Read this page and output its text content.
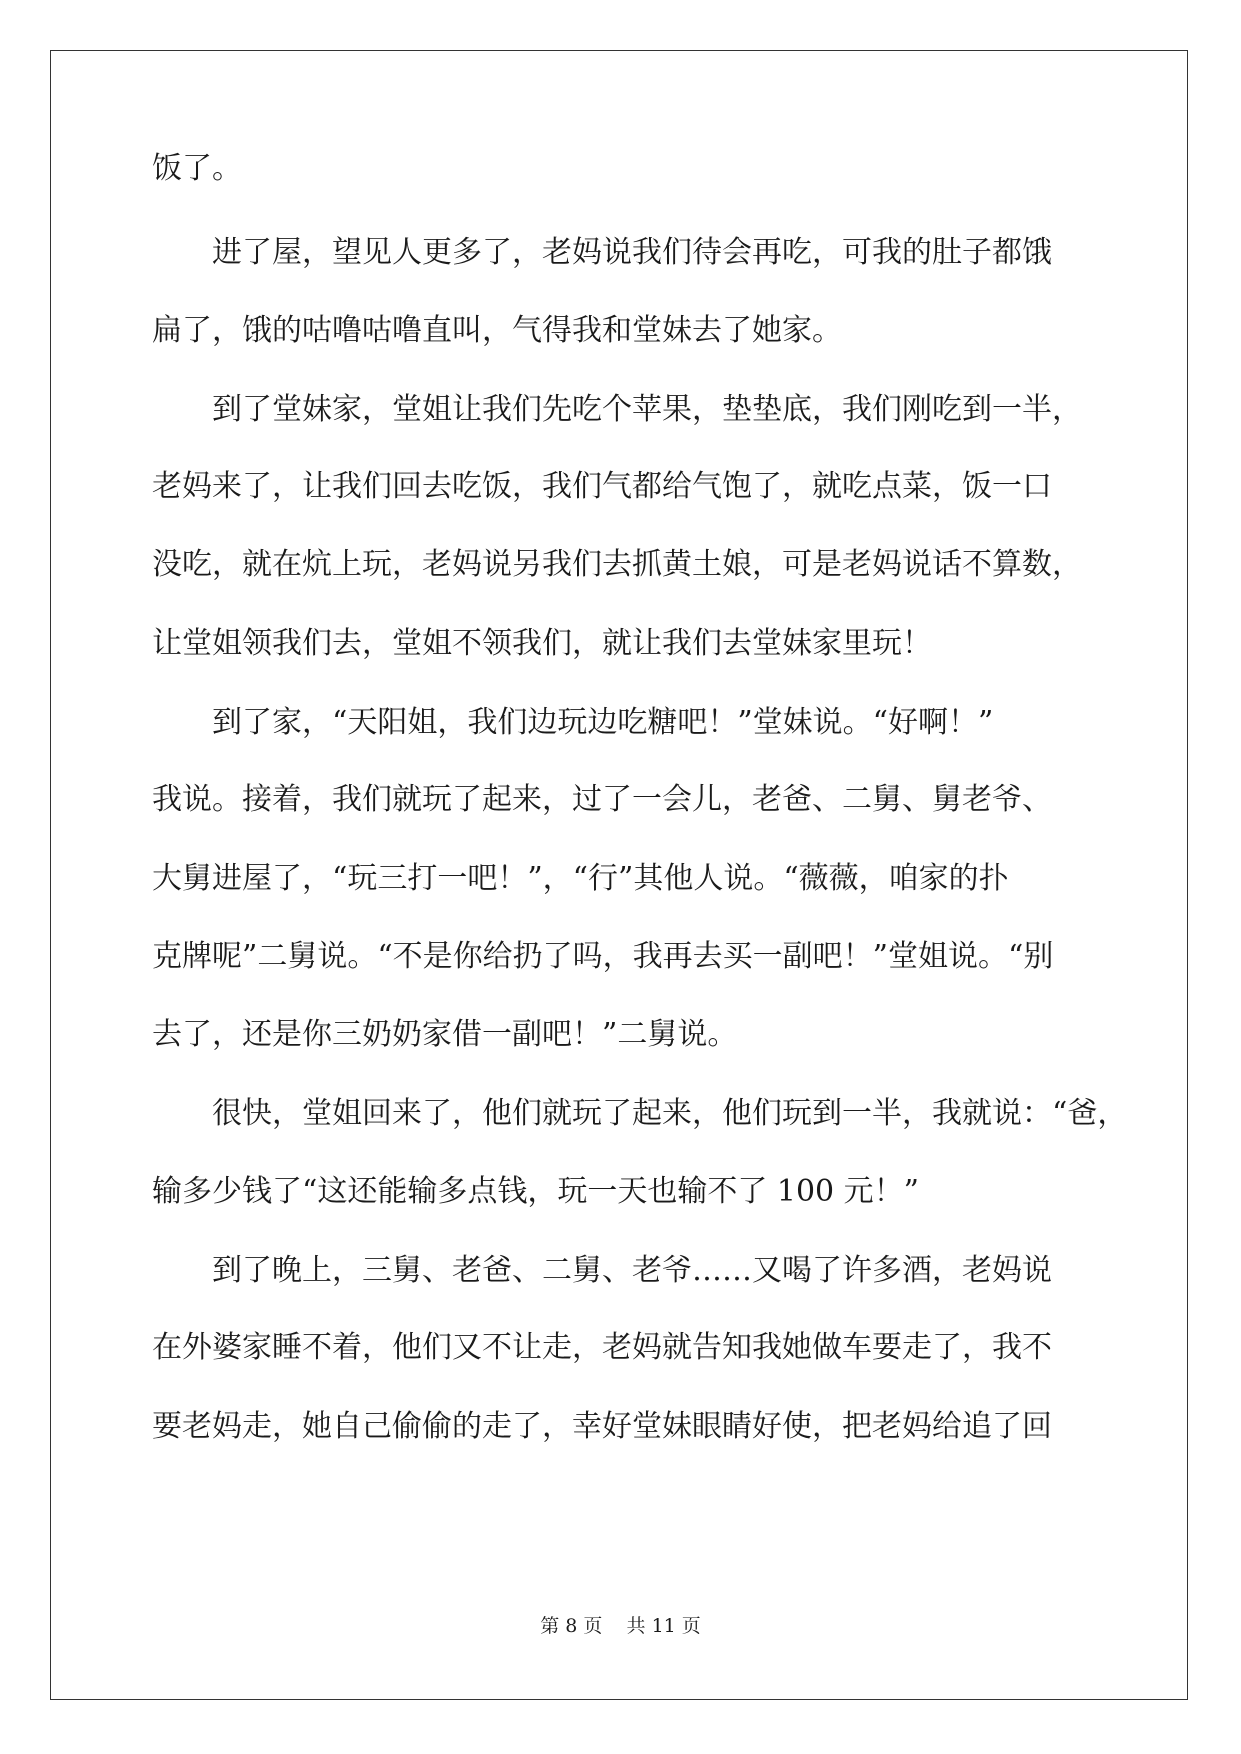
饭了。

进了屋，望见人更多了，老妈说我们待会再吃，可我的肚子都饿

扁了，饿的咕噜咕噜直叫，气得我和堂妹去了她家。

到了堂妹家，堂姐让我们先吃个苹果，垫垫底，我们刚吃到一半，

老妈来了，让我们回去吃饭，我们气都给气饱了，就吃点菜，饭一口

没吃，就在炕上玩，老妈说另我们去抓黄土娘，可是老妈说话不算数，

让堂姐领我们去，堂姐不领我们，就让我们去堂妹家里玩！

到了家，“天阳姐，我们边玩边吃糖吧！”堂妹说。“好啊！”

我说。接着，我们就玩了起来，过了一会儿，老爸、二舅、舅老爷、

大舅进屋了，“玩三打一吧！”，“行”其他人说。“薇薇，咱家的扑

克牌呢”二舅说。“不是你给扔了吗，我再去买一副吧！”堂姐说。“别

去了，还是你三奶奶家借一副吧！”二舅说。

很快，堂姐回来了，他们就玩了起来，他们玩到一半，我就说：“爸，

输多少钱了“这还能输多点钱，玩一天也输不了 100 元！”

到了晚上，三舅、老爸、二舅、老爷……又喝了许多酒，老妈说

在外婆家睡不着，他们又不让走，老妈就告知我她做车要走了，我不

要老妈走，她自己偷偷的走了，幸好堂妹眼睛好使，把老妈给追了回

第 8 页    共 11 页
